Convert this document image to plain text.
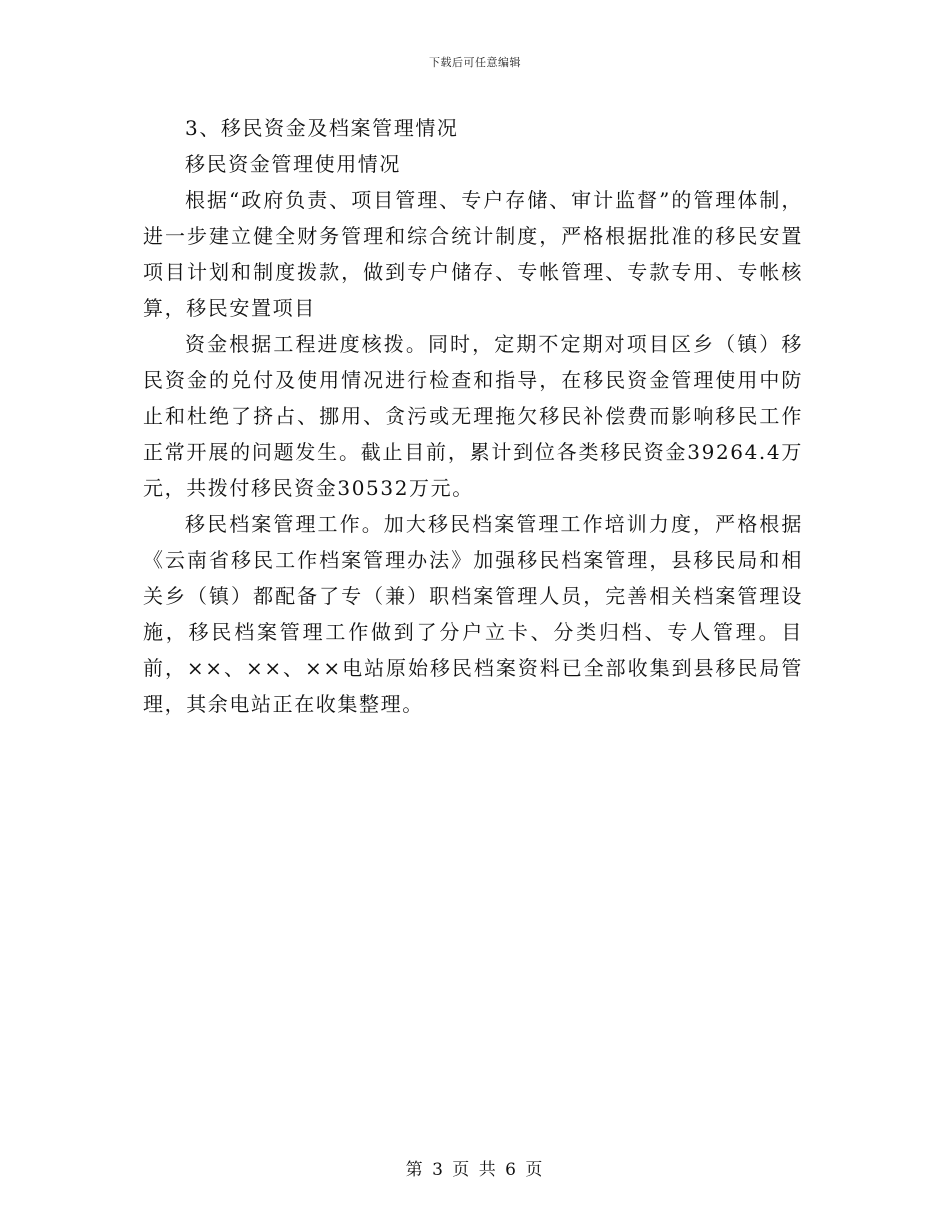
下载后可任意编辑

3、移民资金及档案管理情况

移民资金管理使用情况

根据“政府负责、项目管理、专户存储、审计监督”的管理体制，进一步建立健全财务管理和综合统计制度，严格根据批准的移民安置项目计划和制度拨款，做到专户储存、专帐管理、专款专用、专帐核算，移民安置项目

资金根据工程进度核拨。同时，定期不定期对项目区乡（镇）移民资金的兑付及使用情况进行检查和指导，在移民资金管理使用中防止和杜绝了挤占、挪用、贪污或无理拖欠移民补偿费而影响移民工作正常开展的问题发生。截止目前，累计到位各类移民资金39264.4万元，共拨付移民资金30532万元。

移民档案管理工作。加大移民档案管理工作培训力度，严格根据《云南省移民工作档案管理办法》加强移民档案管理，县移民局和相关乡（镇）都配备了专（兼）职档案管理人员，完善相关档案管理设施，移民档案管理工作做到了分户立卡、分类归档、专人管理。目前，××、××、××电站原始移民档案资料已全部收集到县移民局管理，其余电站正在收集整理。

第 3 页 共 6 页
